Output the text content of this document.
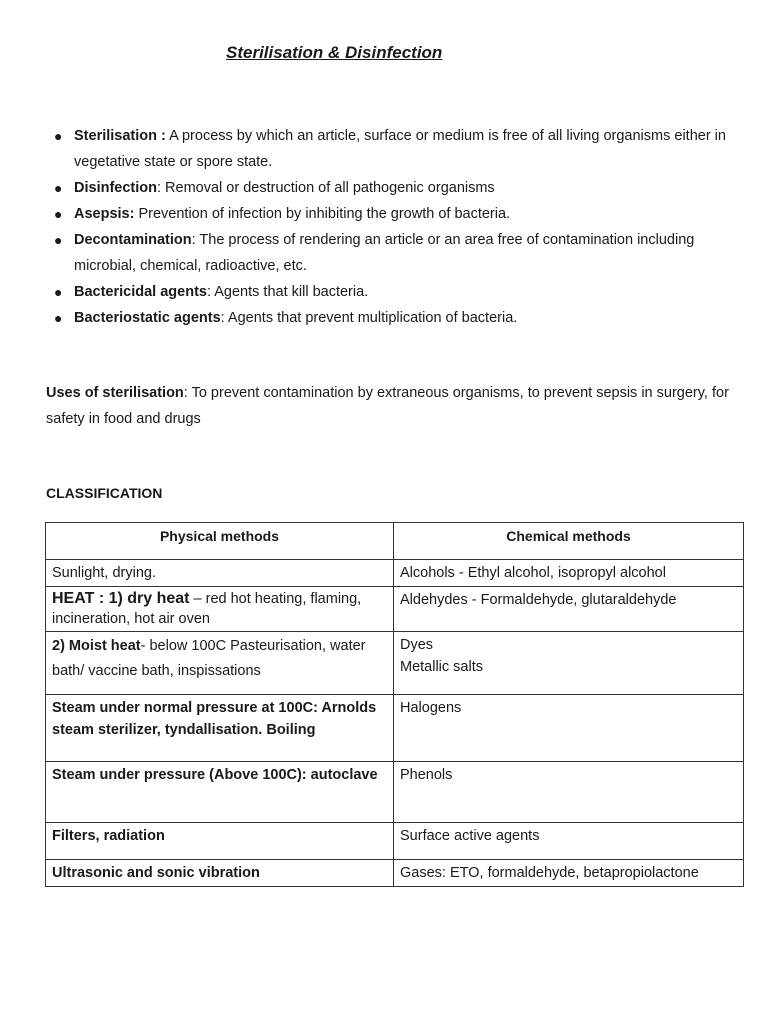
Sterilisation & Disinfection
● Sterilisation : A process by which an article, surface or medium is free of all living organisms either in vegetative state or spore state.
● Disinfection: Removal or destruction of all pathogenic organisms
● Asepsis: Prevention of infection by inhibiting the growth of bacteria.
● Decontamination: The process of rendering an article or an area free of contamination including microbial, chemical, radioactive, etc.
● Bactericidal agents: Agents that kill bacteria.
● Bacteriostatic agents: Agents that prevent multiplication of bacteria.
Uses of sterilisation: To prevent contamination by extraneous organisms, to prevent sepsis in surgery, for safety in food and drugs
CLASSIFICATION
Physical methods	Chemical methods
Sunlight, drying.	Alcohols - Ethyl alcohol, isopropyl alcohol
HEAT : 1) dry heat – red hot heating, flaming, incineration, hot air oven	Aldehydes - Formaldehyde, glutaraldehyde
2) Moist heat- below 100C Pasteurisation, water bath/ vaccine bath, inspissations	Dyes
Metallic salts

Steam under normal pressure at 100C: Arnolds steam sterilizer, tyndallisation. Boiling	Halogens
Steam under pressure (Above 100C): autoclave	Phenols
Filters, radiation	Surface active agents
Ultrasonic and sonic vibration	Gases: ETO, formaldehyde, betapropiolactone
